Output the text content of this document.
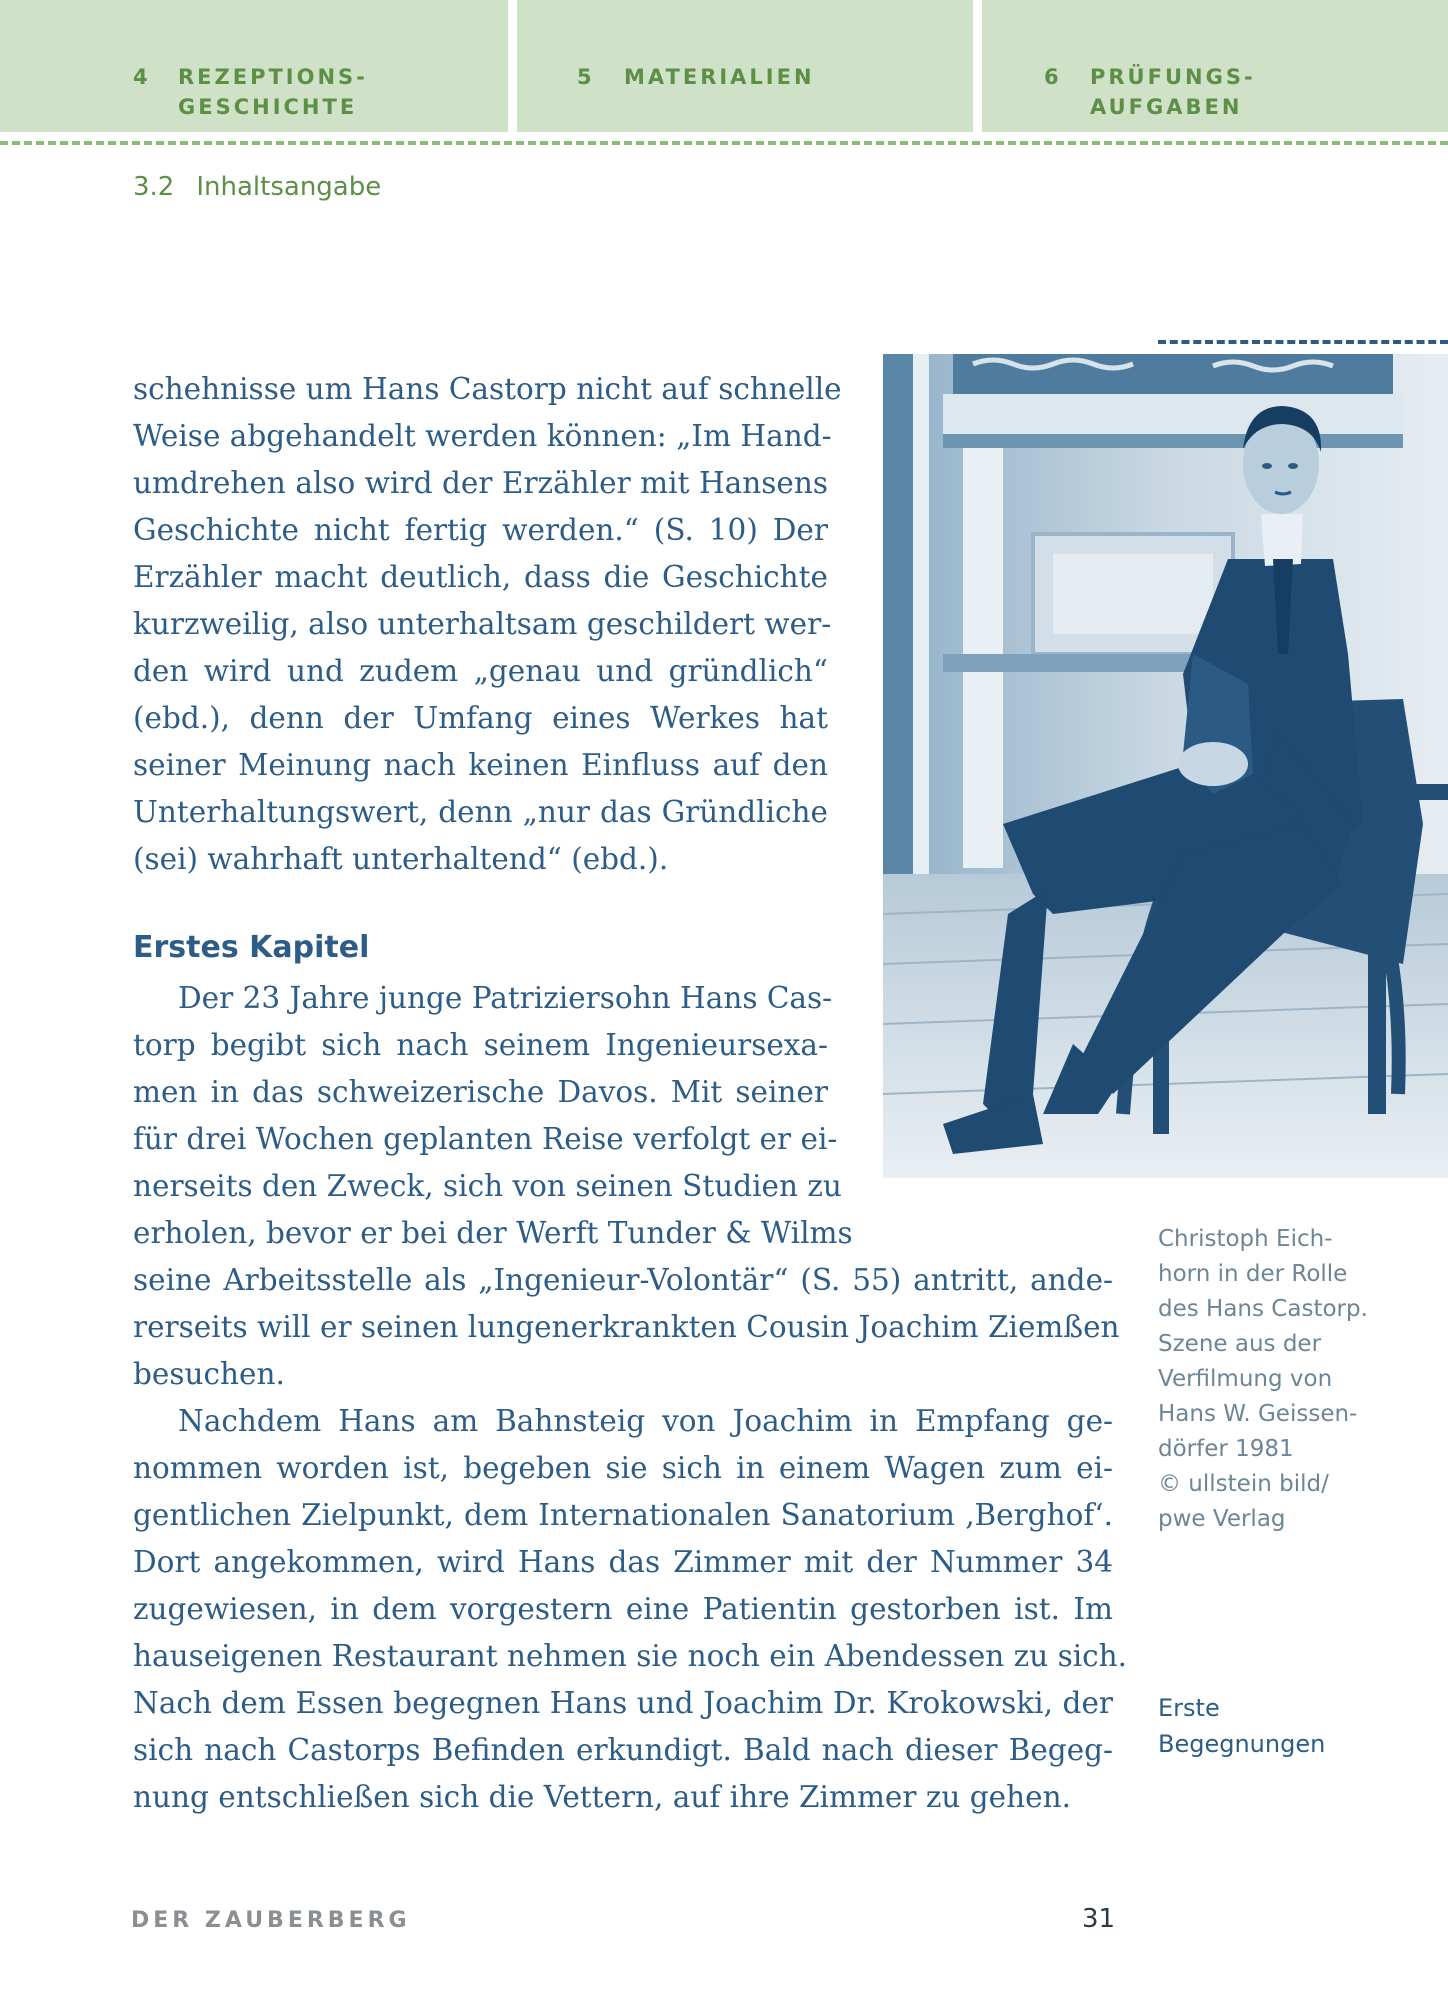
4 REZEPTIONS-
GESCHICHTE
5 MATERIALIEN	6 PRÜFUNGS-
AUFGABEN
3.2 Inhaltsangabe

schehnisse um Hans Castorp nicht auf schnelle
Weise abgehandelt werden können: „Im Hand-
umdrehen also wird der Erzähler mit Hansens
Geschichte nicht fertig werden.“ (S. 10) Der
Erzähler macht deutlich, dass die Geschichte
kurzweilig, also unterhaltsam geschildert wer-
den wird und zudem „genau und gründlich“
(ebd.), denn der Umfang eines Werkes hat
seiner Meinung nach keinen Einfluss auf den
Unterhaltungswert, denn „nur das Gründliche
(sei) wahrhaft unterhaltend“ (ebd.).

Erstes Kapitel

Der 23 Jahre junge Patriziersohn Hans Cas-
torp begibt sich nach seinem Ingenieursexa-
men in das schweizerische Davos. Mit seiner
für drei Wochen geplanten Reise verfolgt er ei-
nerseits den Zweck, sich von seinen Studien zu
erholen, bevor er bei der Werft Tunder & Wilms

seine Arbeitsstelle als „Ingenieur-Volontär“ (S. 55) antritt, ande-
rerseits will er seinen lungenerkrankten Cousin Joachim Ziemßen
besuchen.

Nachdem Hans am Bahnsteig von Joachim in Empfang ge-
nommen worden ist, begeben sie sich in einem Wagen zum ei-
gentlichen Zielpunkt, dem Internationalen Sanatorium ‚Berghof‘.
Dort angekommen, wird Hans das Zimmer mit der Nummer 34
zugewiesen, in dem vorgestern eine Patientin gestorben ist. Im
hauseigenen Restaurant nehmen sie noch ein Abendessen zu sich.
Nach dem Essen begegnen Hans und Joachim Dr. Krokowski, der
sich nach Castorps Befinden erkundigt. Bald nach dieser Begeg-
nung entschließen sich die Vettern, auf ihre Zimmer zu gehen.

Christoph Eich-
horn in der Rolle
des Hans Castorp.
Szene aus der
Verfilmung von
Hans W. Geissen-
dörfer 1981
© ullstein bild/
pwe Verlag
Erste
Begegnungen
DER ZAUBERBERG	31
